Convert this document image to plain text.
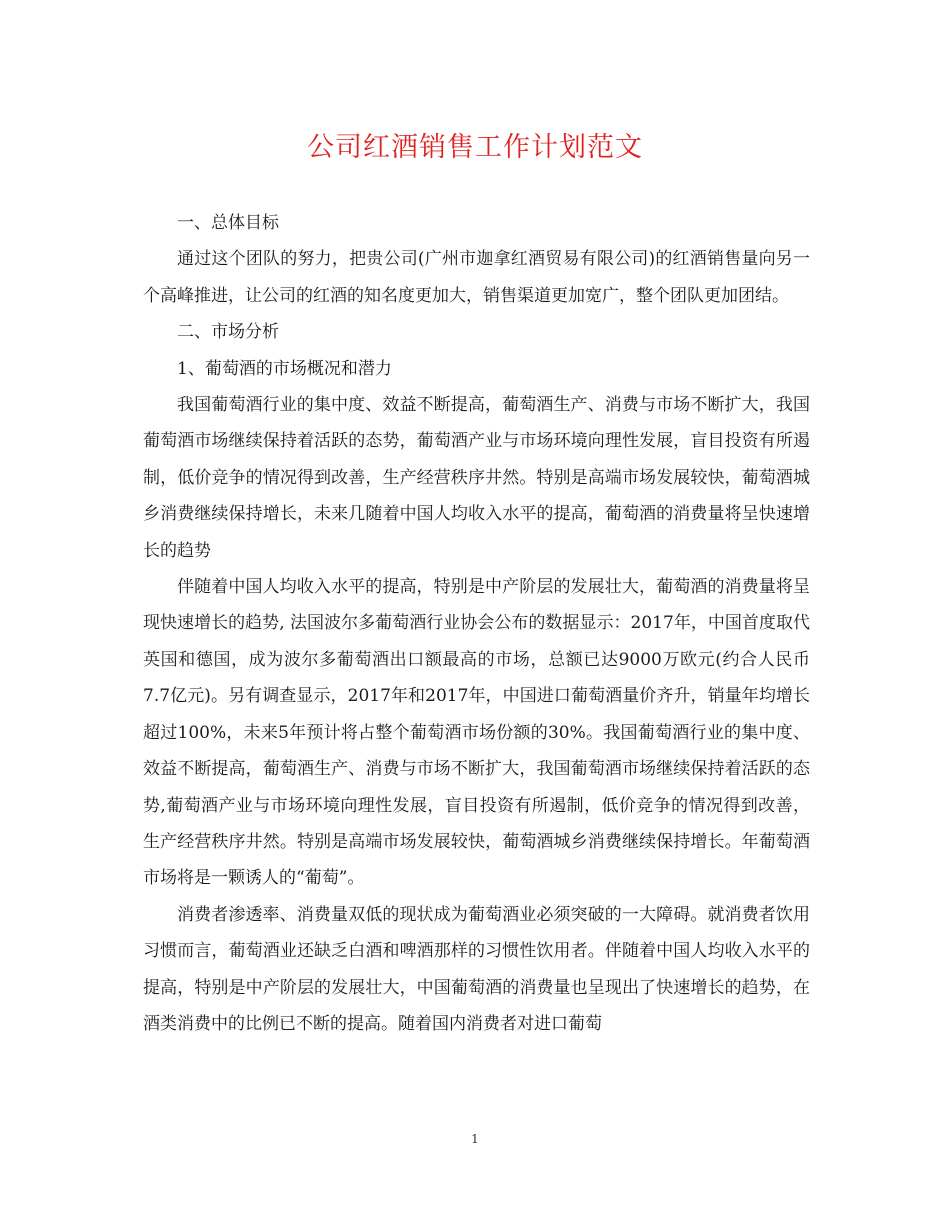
公司红酒销售工作计划范文

一、总体目标

通过这个团队的努力，把贵公司(广州市迦拿红酒贸易有限公司)的红酒销售量向另一个高峰推进，让公司的红酒的知名度更加大，销售渠道更加宽广，整个团队更加团结。

二、市场分析

1、葡萄酒的市场概况和潜力

我国葡萄酒行业的集中度、效益不断提高，葡萄酒生产、消费与市场不断扩大，我国葡萄酒市场继续保持着活跃的态势，葡萄酒产业与市场环境向理性发展，盲目投资有所遏制，低价竞争的情况得到改善，生产经营秩序井然。特别是高端市场发展较快，葡萄酒城乡消费继续保持增长，未来几随着中国人均收入水平的提高，葡萄酒的消费量将呈快速增长的趋势

伴随着中国人均收入水平的提高，特别是中产阶层的发展壮大，葡萄酒的消费量将呈现快速增长的趋势, 法国波尔多葡萄酒行业协会公布的数据显示：2017年，中国首度取代英国和德国，成为波尔多葡萄酒出口额最高的市场，总额已达9000万欧元(约合人民币7.7亿元)。另有调查显示，2017年和2017年，中国进口葡萄酒量价齐升，销量年均增长超过100%，未来5年预计将占整个葡萄酒市场份额的30%。我国葡萄酒行业的集中度、效益不断提高，葡萄酒生产、消费与市场不断扩大，我国葡萄酒市场继续保持着活跃的态势,葡萄酒产业与市场环境向理性发展，盲目投资有所遏制，低价竞争的情况得到改善，生产经营秩序井然。特别是高端市场发展较快，葡萄酒城乡消费继续保持增长。年葡萄酒市场将是一颗诱人的“葡萄”。

消费者渗透率、消费量双低的现状成为葡萄酒业必须突破的一大障碍。就消费者饮用习惯而言，葡萄酒业还缺乏白酒和啤酒那样的习惯性饮用者。伴随着中国人均收入水平的提高，特别是中产阶层的发展壮大，中国葡萄酒的消费量也呈现出了快速增长的趋势，在酒类消费中的比例已不断的提高。随着国内消费者对进口葡萄

1
